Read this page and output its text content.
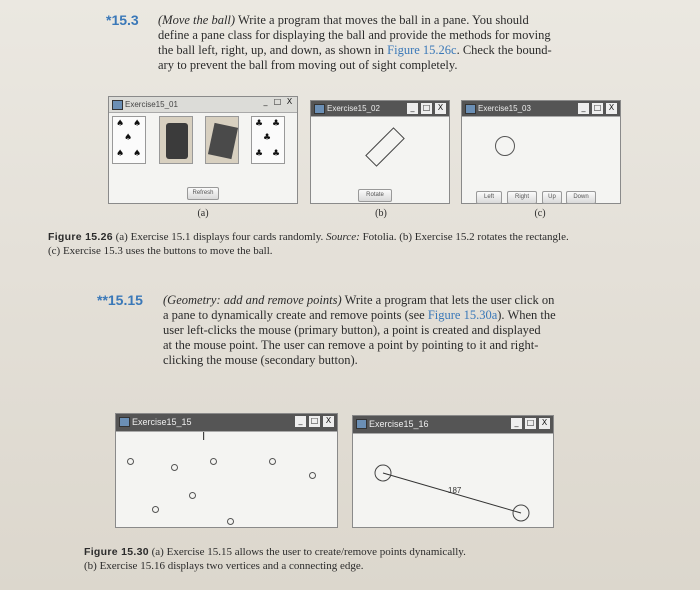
*15.3 (Move the ball) Write a program that moves the ball in a pane. You should
define a pane class for displaying the ball and provide the methods for moving
the ball left, right, up, and down, as shown in Figure 15.26c. Check the bound-
ary to prevent the ball from moving out of sight completely.
Exercise15_01	_ □ X
♠ ♠
♠
♠ ♠
♣ ♣
♣
♣ ♣
Refresh
Exercise15_02	_	□ X
Rotate
Exercise15_03	_	□ X
Left	Right	Up	Down
(a)	(b)	(c)
Figure 15.26 (a) Exercise 15.1 displays four cards randomly. Source: Fotolia. (b) Exercise 15.2 rotates the rectangle.
(c) Exercise 15.3 uses the buttons to move the ball.
**15.15 (Geometry: add and remove points) Write a program that lets the user click on
a pane to dynamically create and remove points (see Figure 15.30a). When the
user left-clicks the mouse (primary button), a point is created and displayed
at the mouse point. The user can remove a point by pointing to it and right-
clicking the mouse (secondary button).
Exercise15_15	_	□ X
I
Exercise15_16	_	□ X
187
Figure 15.30 (a) Exercise 15.15 allows the user to create/remove points dynamically.
(b) Exercise 15.16 displays two vertices and a connecting edge.
